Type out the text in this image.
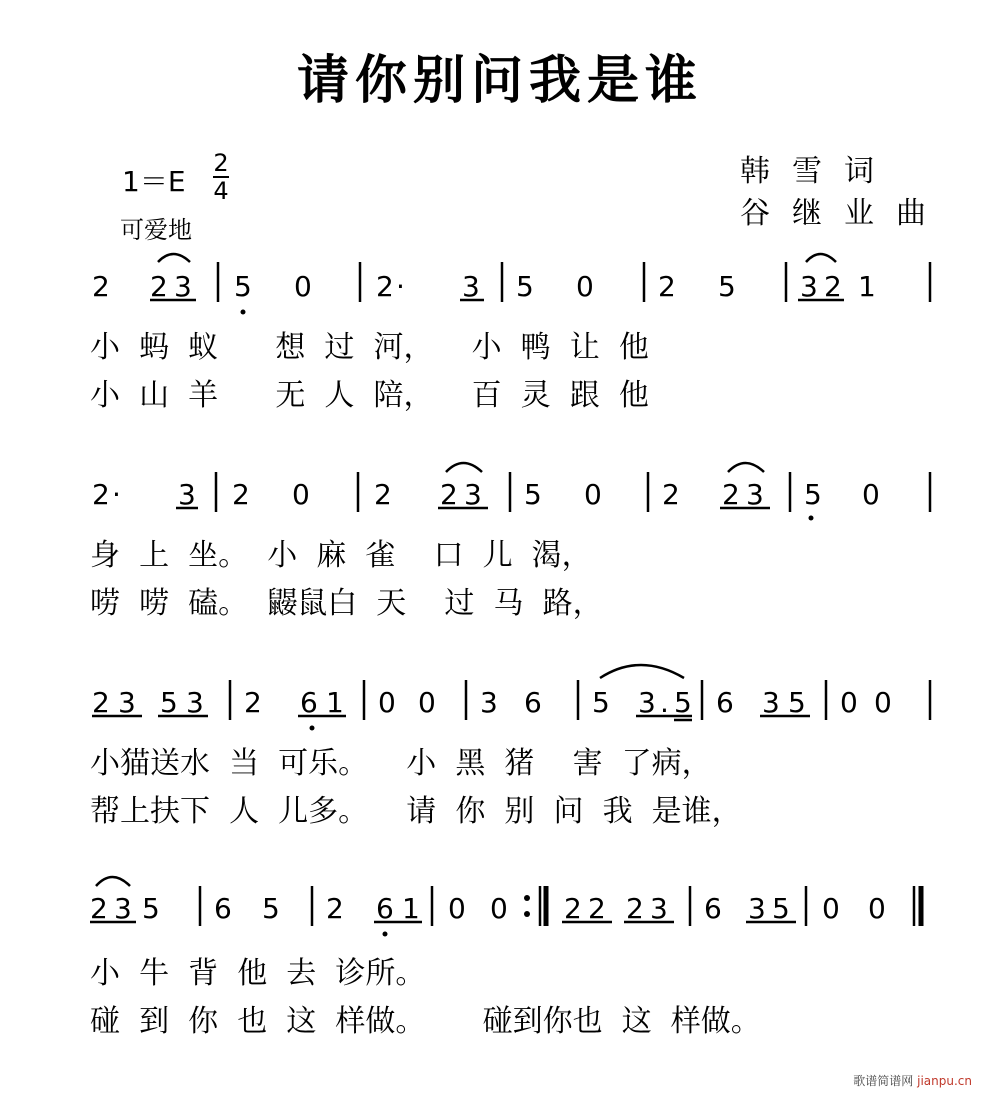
请你别问我是谁
1＝E
2
4
可爱地
韩雪词
谷继业曲
2 2 3 5 0 2 · 3 5 0 2 5 3 2 1
2 · 3 2 0 2 2 3 5 0 2 2 3 5 0
2 3 5 3 2 6 1 0 0 3 6 5 3 . 5 6 3 5 0 0
2 3 5 6 5 2 6 1 0 0 2 2 2 3 6 3 5 0 0
小  蚂  蚁      想  过  河，    小  鸭  让  他
小  山  羊      无  人  陪，    百  灵  跟  他
身  上  坐。  小  麻  雀    口  儿  渴，
唠  唠  磕。  鼹鼠白  天    过  马  路，
小猫送水  当  可乐。    小  黑  猪    害  了病，
帮上扶下  人  儿多。    请  你  别  问  我  是谁，
小  牛  背  他  去  诊所。
碰  到  你  也  这  样做。      碰到你也  这  样做。
歌谱简谱网 jianpu.cn
